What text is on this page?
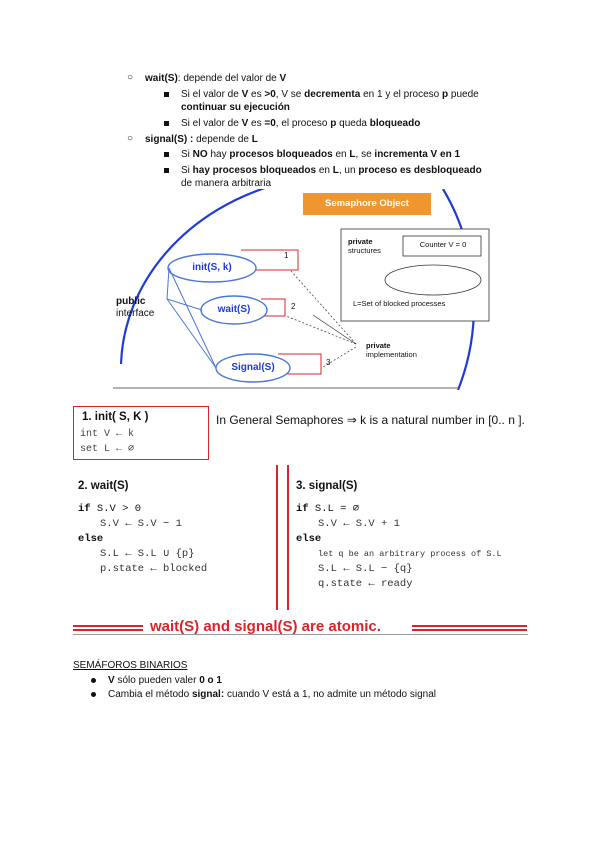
○ wait(S): depende del valor de V
Si el valor de V es >0, V se decrementa en 1 y el proceso p puede
continuar su ejecución
Si el valor de V es =0, el proceso p queda bloqueado
○ signal(S) : depende de L
Si NO hay procesos bloqueados en L, se incrementa V en 1
Si hay procesos bloqueados en L, un proceso es desbloqueado
de manera arbitraria
Semaphore Object
private
structures
Counter V = 0
L=Set of blocked processes
public
interface
init(S, k)
wait(S)
Signal(S)
1
2
3
private
implementation
1. init( S, K )
int V ← k
set L ← ∅
In General Semaphores ⇒ k is a natural number in [0.. n ].
2. wait(S)
if S.V > 0
S.V ← S.V − 1
else
S.L ← S.L ∪ {p}
p.state ← blocked
3. signal(S)
if S.L = ∅
S.V ← S.V + 1
else
let q be an arbitrary process of S.L
S.L ← S.L − {q}
q.state ← ready
wait(S) and signal(S) are atomic.
SEMÁFOROS BINARIOS
V sólo pueden valer 0 o 1
Cambia el método signal: cuando V está a 1, no admite un método signal
